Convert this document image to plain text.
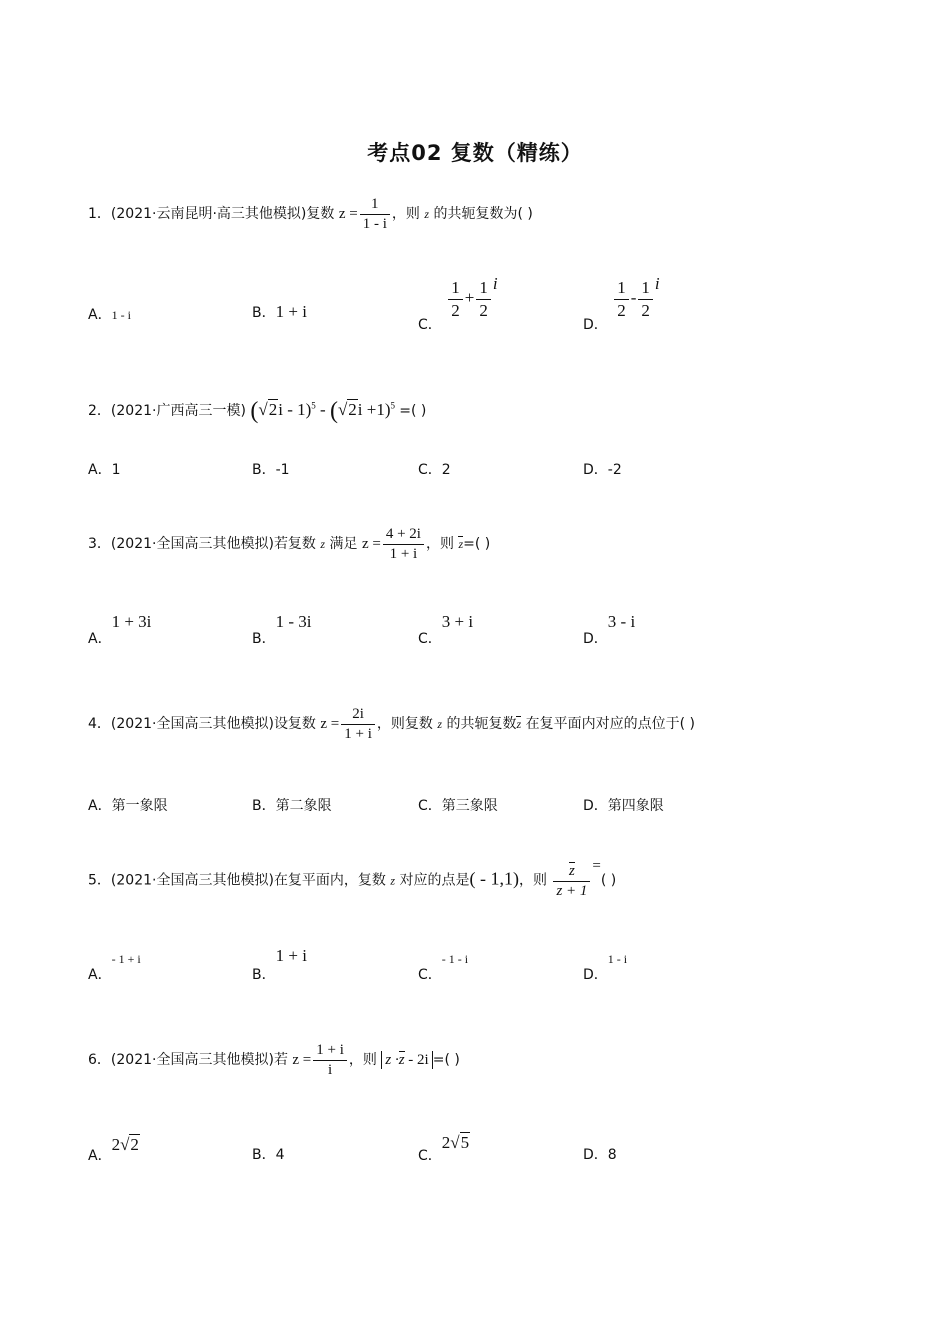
考点02 复数（精练）
1．(2021·云南昆明·高三其他模拟)复数 $z = \frac{1}{1 - i}$ ，则 z 的共轭复数为( )
A．1 - i	B．1 + i
C．
$\frac{1}{2} + \frac{1}{2}$ i
D．
$\frac{1}{2} - \frac{1}{2}$ i
2．(2021·广西高三一模) $(√2i - 1)^5 - (√2i +1)^5$ =( )
A．1	B．-1	C．2	D．-2
3．(2021·全国高三其他模拟)若复数 z 满足 $z = \frac{4 + 2i}{1 + i}$ ，则 z=( )
A．1 + 3i
B．1 - 3i
C．3 + i
D．3 - i
4．(2021·全国高三其他模拟)设复数 $z = \frac{2i}{1 + i}$ ，则复数 z 的共轭复数z 在复平面内对应的点位于( )
A．第一象限	B．第二象限	C．第三象限	D．第四象限
5．(2021·全国高三其他模拟)在复平面内，复数 z 对应的点是( - 1,1)，则 $\frac{z}{z + 1}$ =( )
A．- 1 + i
B．1 + i
C．- 1 - i
D．1 - i
6．(2021·全国高三其他模拟)若 $z = \frac{1 + i}{i}$ ，则 z ·z - 2i =( )
A．2√2
B．4	C．2√5
D．8
